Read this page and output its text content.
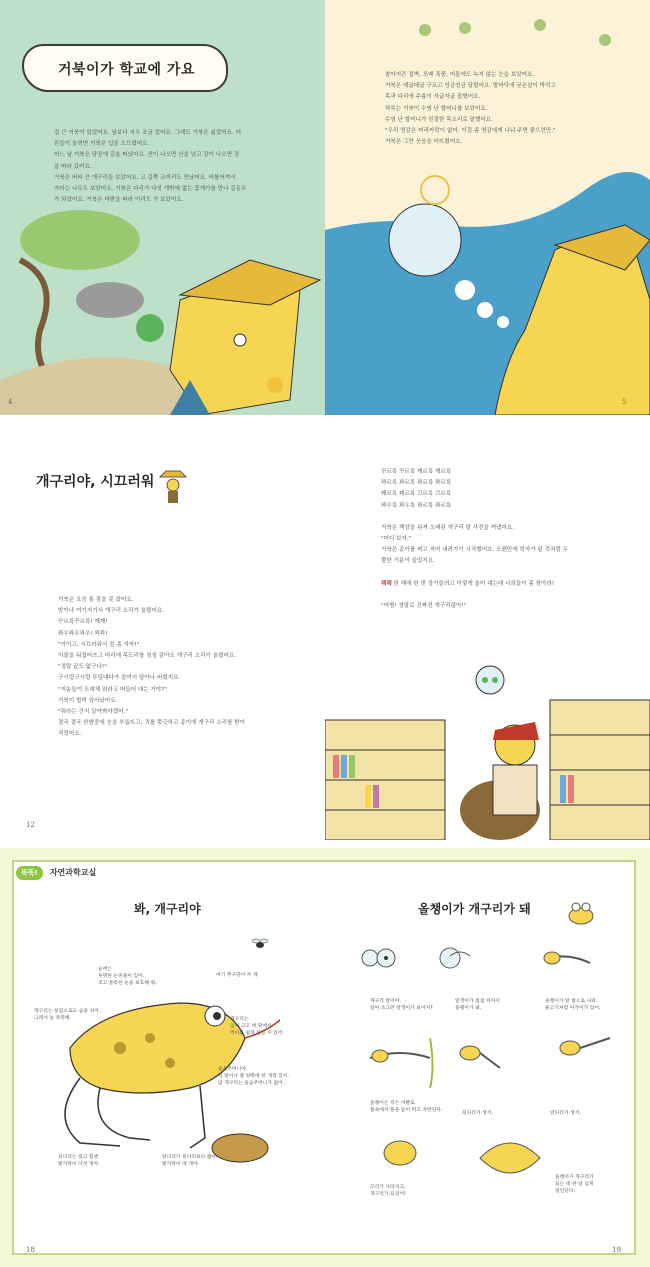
거북이가 학교에 가요

집 근 거북이 있었어요. 날보다 지우 조금 컸어요. 그래도 거북은 싫었어요. 어

른들이 놀려면 거북은 입을 오므렸어요.

어느 날 거북은 담장에 길을 떠났어요. 산이 나오면 산을 넘고 강이 나오면 강

을 따라 갔어요.

거북은 버티 큰 개구리들 보았어요. 코 길쭉 코끼리도 만났어요. 비틀어져서

자라는 나무도 보았어요. 거북은 다리가 다섯 개밖에 없는 꽃게아를 만나 길동무

가 되었어요. 거북은 바람을 따라 이리도 가 보았어요.

4

찰아지즌 절벽, 모래 폭풍, 어둠에도 녹지 않는 눈을 보았어요.

거북은 데굴데굴 구르고 엉금엉금 달렸어요. 발바닥에 굳은살이 박히고

목과 다리에 주름이 자글자글 잡혔어요.

하루는 거북이 수염 난 할머니를 보았어요.

수염 난 할머니가 친절한 목소리로 말했어요.

"우리 영감은 머리카락이 없어. 이걸 좀 영감에게 나눠 주면 좋으련만."

거북은 그만 웃음을 터뜨렸어요.

5
개구리야, 시끄러워

거북은 요즘 통 잠을 못 잤어요.

밤이나 여기저기서 개구리 소리가 울렸어요.

꾸르륵꾸르륵! 깨깨!

꽈우꽈우꽈우! 꽉꽉!

"아이고, 시끄러워서 잠 좀 자자!"

이불을 뒤집어쓰고 머리에 목도리를 칭칭 감아도 개구리 소리가 울렸어요.

"정말 끝도 없구나!"

구시렁구시렁 투덜대다가 잠까지 달아나 버렸지요.

"저놈들이 도대체 뭐라고 떠들어 대는 거야?"

거북이 벌떡 일어났어요.

"뭐라는 건지 알아봐야겠어."

결국 결국 한밤중에 눈을 부릅뜨고, 귀를 쫑긋하고 종이에 개구리 소리를 받아

적었어요.

12

꾸르륵 꾸르륵 깨르륵 깨르륵

꽈르륵 꽈르륵 꽈르륵 꽈르륵

꿰르륵 꿰르륵 끄르륵 끄르륵

꽈우륵 꽈우륵 꽈르륵 꽈르륵

거북은 책장을 뒤져 오래된 개구리 말 사전을 꺼냈어요.

"어디 보자."

거북은 종이를 펴고 적어 내려가기 시작했어요. 오랜만에 학자가 된 것처럼 우

쭐한 기분이 들었지요.

꽥꽥 한 해에 한 번 장가들려고 이렇게 울어 대는데 너희들이 좀 참아라!

"어쩜! 정말로 진짜진 개구리잖아!"

뚝뚝! 자연과학교실
봐, 개구리야	올챙이가 개구리가 돼
눈에는
투명한 눈꺼풀이 있어.
코고 볼록한 눈을 보호해 줘.
개구리는 살갗으로도 숨을 쉬어.
그래서 늘 촉촉해.
여기 쭈구망이 두 개
개구리는
입이 크고 혀 밑에서
먹이를 쉽게 삼킬 수 있어.
울음주머니야.
턱 밑이나 볼 양쪽에 한 개씩 있어.
암 개구리는 울음주머니가 없어.
뒷다리는 길고 힘센
발가락이 다섯 개야.
앞다리가 뒷다리보다 짧아.
발가락이 네 개야.
개구리 알이야.
알아 조그만 알갱이가 보이지?
알갱이가 점점 커져서
올챙이가 돼.
올챙이가 알 밖으로 나와.
물고기처럼 아가미가 있어.
올챙이는 작은 이빨로
물속에서 풀을 뜯어 먹고 자란단다.
뒷다리가 생겨.	앞다리가 생겨.
꼬리가 사라지고,
개구리가 되었어!
올챙이가 개구리가
되는 데 한 달 넘게
걸린단다.
18	19
